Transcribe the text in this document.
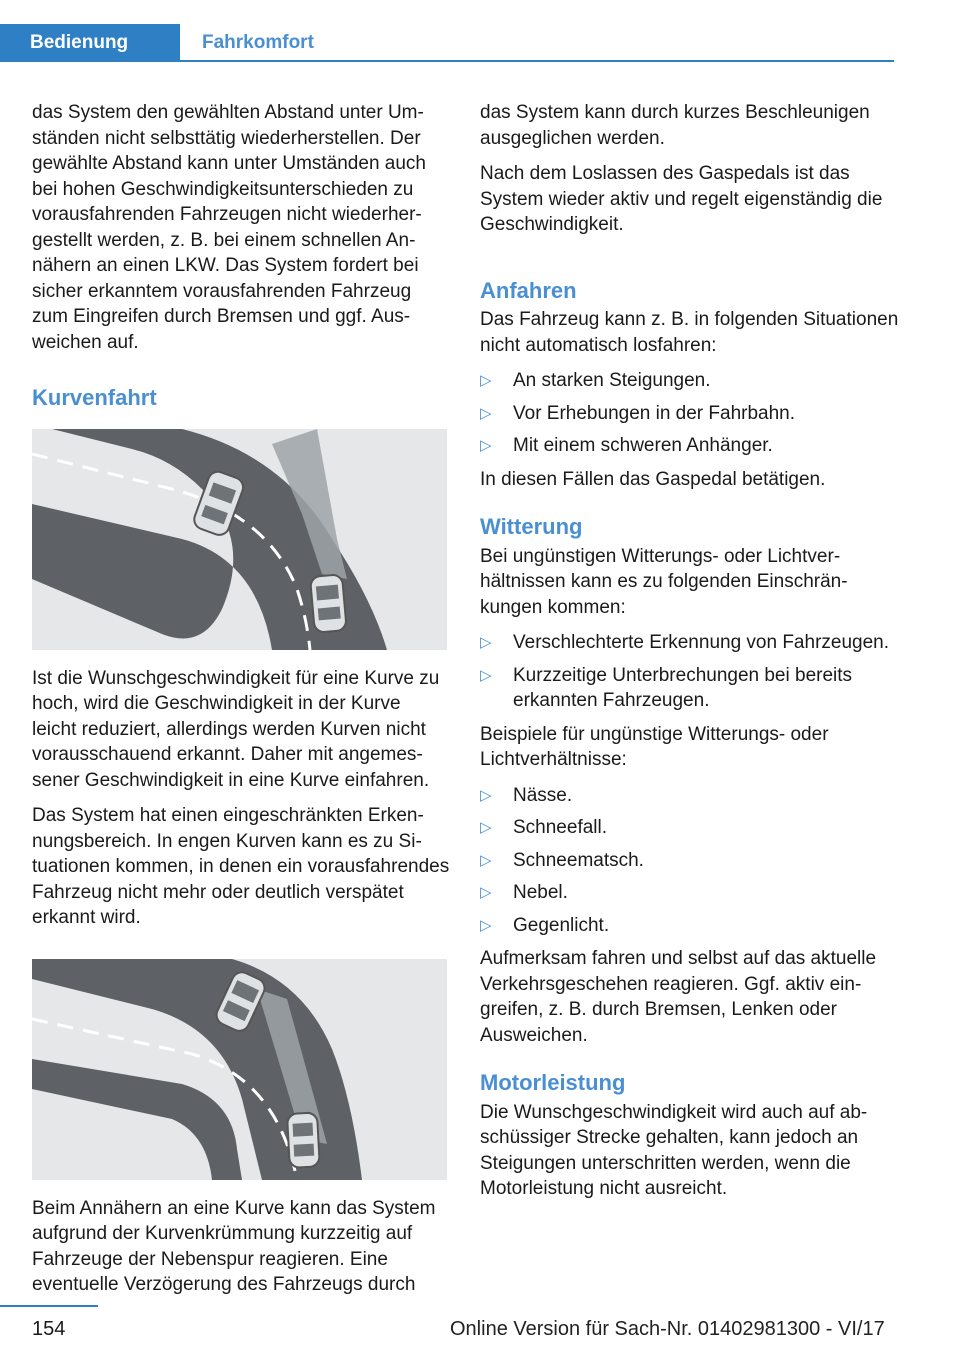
Bedienung	Fahrkomfort

das System den gewählten Abstand unter Umständen nicht selbsttätig wiederherstellen. Der gewählte Abstand kann unter Umständen auch bei hohen Geschwindigkeitsunterschieden zu vorausfahrenden Fahrzeugen nicht wiederhergestellt werden, z. B. bei einem schnellen Annähern an einen LKW. Das System fordert bei sicher erkanntem vorausfahrenden Fahrzeug zum Eingreifen durch Bremsen und ggf. Ausweichen auf.

Kurvenfahrt

Ist die Wunschgeschwindigkeit für eine Kurve zu hoch, wird die Geschwindigkeit in der Kurve leicht reduziert, allerdings werden Kurven nicht vorausschauend erkannt. Daher mit angemessener Geschwindigkeit in eine Kurve einfahren.

Das System hat einen eingeschränkten Erkennungsbereich. In engen Kurven kann es zu Situationen kommen, in denen ein vorausfahrendes Fahrzeug nicht mehr oder deutlich verspätet erkannt wird.

Beim Annähern an eine Kurve kann das System aufgrund der Kurvenkrümmung kurzzeitig auf Fahrzeuge der Nebenspur reagieren. Eine eventuelle Verzögerung des Fahrzeugs durch

das System kann durch kurzes Beschleunigen ausgeglichen werden.

Nach dem Loslassen des Gaspedals ist das System wieder aktiv und regelt eigenständig die Geschwindigkeit.

Anfahren

Das Fahrzeug kann z. B. in folgenden Situationen nicht automatisch losfahren:

▷ An starken Steigungen.
▷ Vor Erhebungen in der Fahrbahn.
▷ Mit einem schweren Anhänger.

In diesen Fällen das Gaspedal betätigen.

Witterung

Bei ungünstigen Witterungs- oder Lichtverhältnissen kann es zu folgenden Einschränkungen kommen:

▷ Verschlechterte Erkennung von Fahrzeugen.
▷ Kurzzeitige Unterbrechungen bei bereits erkannten Fahrzeugen.

Beispiele für ungünstige Witterungs- oder Lichtverhältnisse:

▷ Nässe.
▷ Schneefall.
▷ Schneematsch.
▷ Nebel.
▷ Gegenlicht.

Aufmerksam fahren und selbst auf das aktuelle Verkehrsgeschehen reagieren. Ggf. aktiv eingreifen, z. B. durch Bremsen, Lenken oder Ausweichen.

Motorleistung

Die Wunschgeschwindigkeit wird auch auf abschüssiger Strecke gehalten, kann jedoch an Steigungen unterschritten werden, wenn die Motorleistung nicht ausreicht.

154	Online Version für Sach-Nr. 01402981300 - VI/17
